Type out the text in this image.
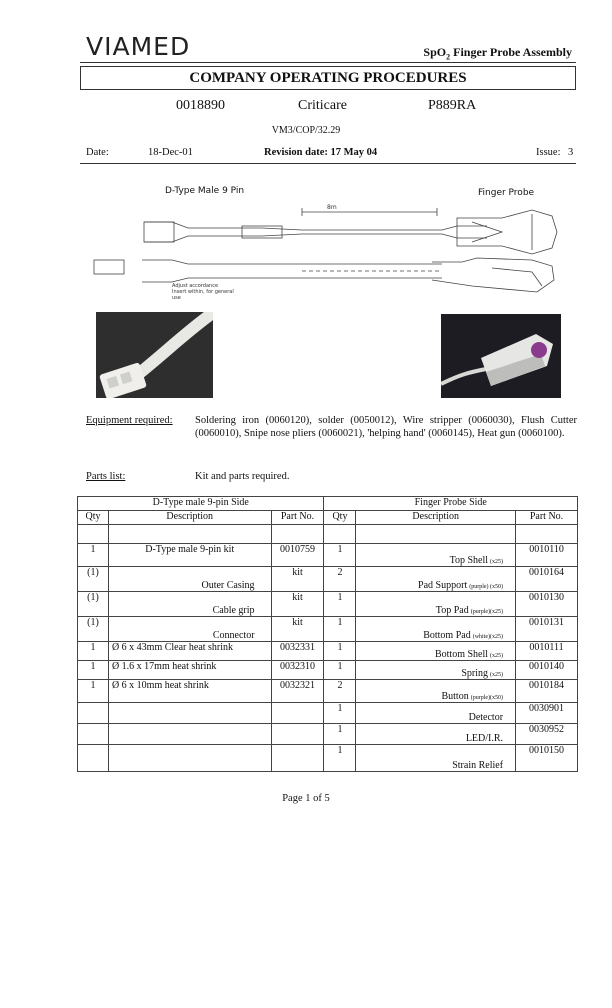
VIAMED	SpO$_2$ Finger Probe Assembly
COMPANY OPERATING PROCEDURES
0018890	Criticare	P889RA
VM3/COP/32.29
Date:	18-Dec-01	Revision date: 17 May 04	Issue: 3
D-Type Male 9 Pin	Finger Probe
8m
Adjust accordance
Insert within, for general
use
Equipment required: Soldering iron (0060120), solder (0050012), Wire stripper (0060030), Flush Cutter (0060010), Snipe nose pliers (0060021), 'helping hand' (0060145), Heat gun (0060100).
Parts list:	Kit and parts required.
D-Type male 9-pin Side			Finger Probe Side		
Qty	Description	Part No.	Qty	Description	Part No.

1	D-Type male 9-pin kit	0010759	1	Top Shell (x25)	0010110
(1)	Outer Casing	kit	2	Pad Support (purple) (x50)	0010164
(1)	Cable grip	kit	1	Top Pad (purple)(x25)	0010130
(1)	Connector	kit	1	Bottom Pad (white)(x25)	0010131
1	Ø 6 x 43mm Clear heat shrink	0032331	1	Bottom Shell (x25)	0010111
1	Ø 1.6 x 17mm heat shrink	0032310	1	Spring (x25)	0010140
1	Ø 6 x 10mm heat shrink	0032321	2	Button (purple)(x50)	0010184
			1	Detector	0030901
			1	LED/I.R.	0030952
			1	Strain Relief	0010150
Page 1 of 5
